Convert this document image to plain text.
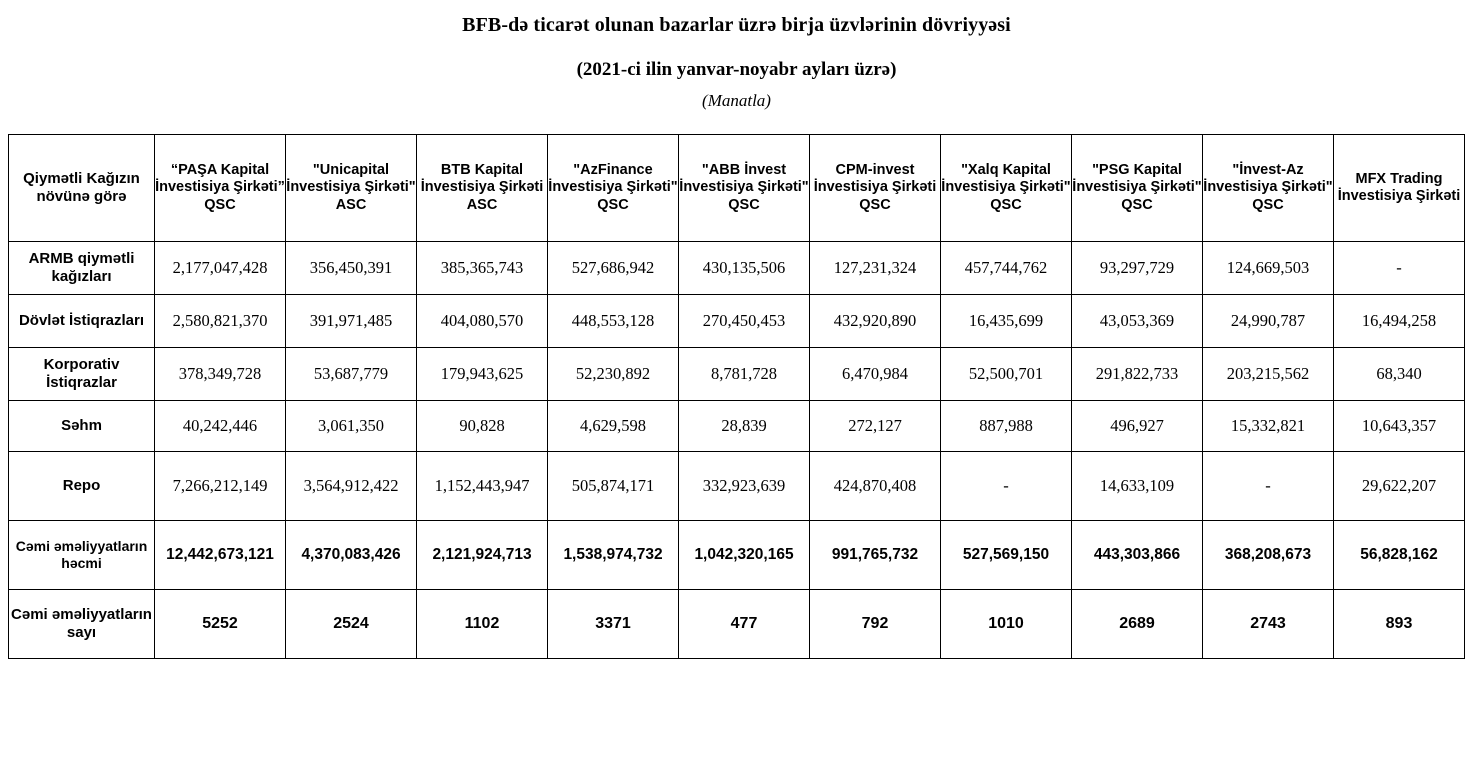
BFB-də ticarət olunan bazarlar üzrə birja üzvlərinin dövriyyəsi
(2021-ci ilin yanvar-noyabr ayları üzrə)
(Manatla)
Qiymətli Kağızın növünə görə	“PAŞA Kapital İnvestisiya Şirkəti” QSC	"Unicapital İnvestisiya Şirkəti" ASC	BTB Kapital İnvestisiya Şirkəti ASC	"AzFinance İnvestisiya Şirkəti" QSC	"ABB İnvest İnvestisiya Şirkəti" QSC	CPM-invest İnvestisiya Şirkəti QSC	"Xalq Kapital İnvestisiya Şirkəti" QSC	"PSG Kapital İnvestisiya Şirkəti" QSC	"İnvest-Az İnvestisiya Şirkəti" QSC	MFX Trading İnvestisiya Şirkəti
ARMB qiymətli kağızları	2,177,047,428	356,450,391	385,365,743	527,686,942	430,135,506	127,231,324	457,744,762	93,297,729	124,669,503	-
Dövlət İstiqrazları	2,580,821,370	391,971,485	404,080,570	448,553,128	270,450,453	432,920,890	16,435,699	43,053,369	24,990,787	16,494,258
Korporativ İstiqrazlar	378,349,728	53,687,779	179,943,625	52,230,892	8,781,728	6,470,984	52,500,701	291,822,733	203,215,562	68,340
Səhm	40,242,446	3,061,350	90,828	4,629,598	28,839	272,127	887,988	496,927	15,332,821	10,643,357
Repo	7,266,212,149	3,564,912,422	1,152,443,947	505,874,171	332,923,639	424,870,408	-	14,633,109	-	29,622,207
Cəmi əməliyyatların həcmi	12,442,673,121	4,370,083,426	2,121,924,713	1,538,974,732	1,042,320,165	991,765,732	527,569,150	443,303,866	368,208,673	56,828,162
Cəmi əməliyyatların sayı	5252	2524	1102	3371	477	792	1010	2689	2743	893
